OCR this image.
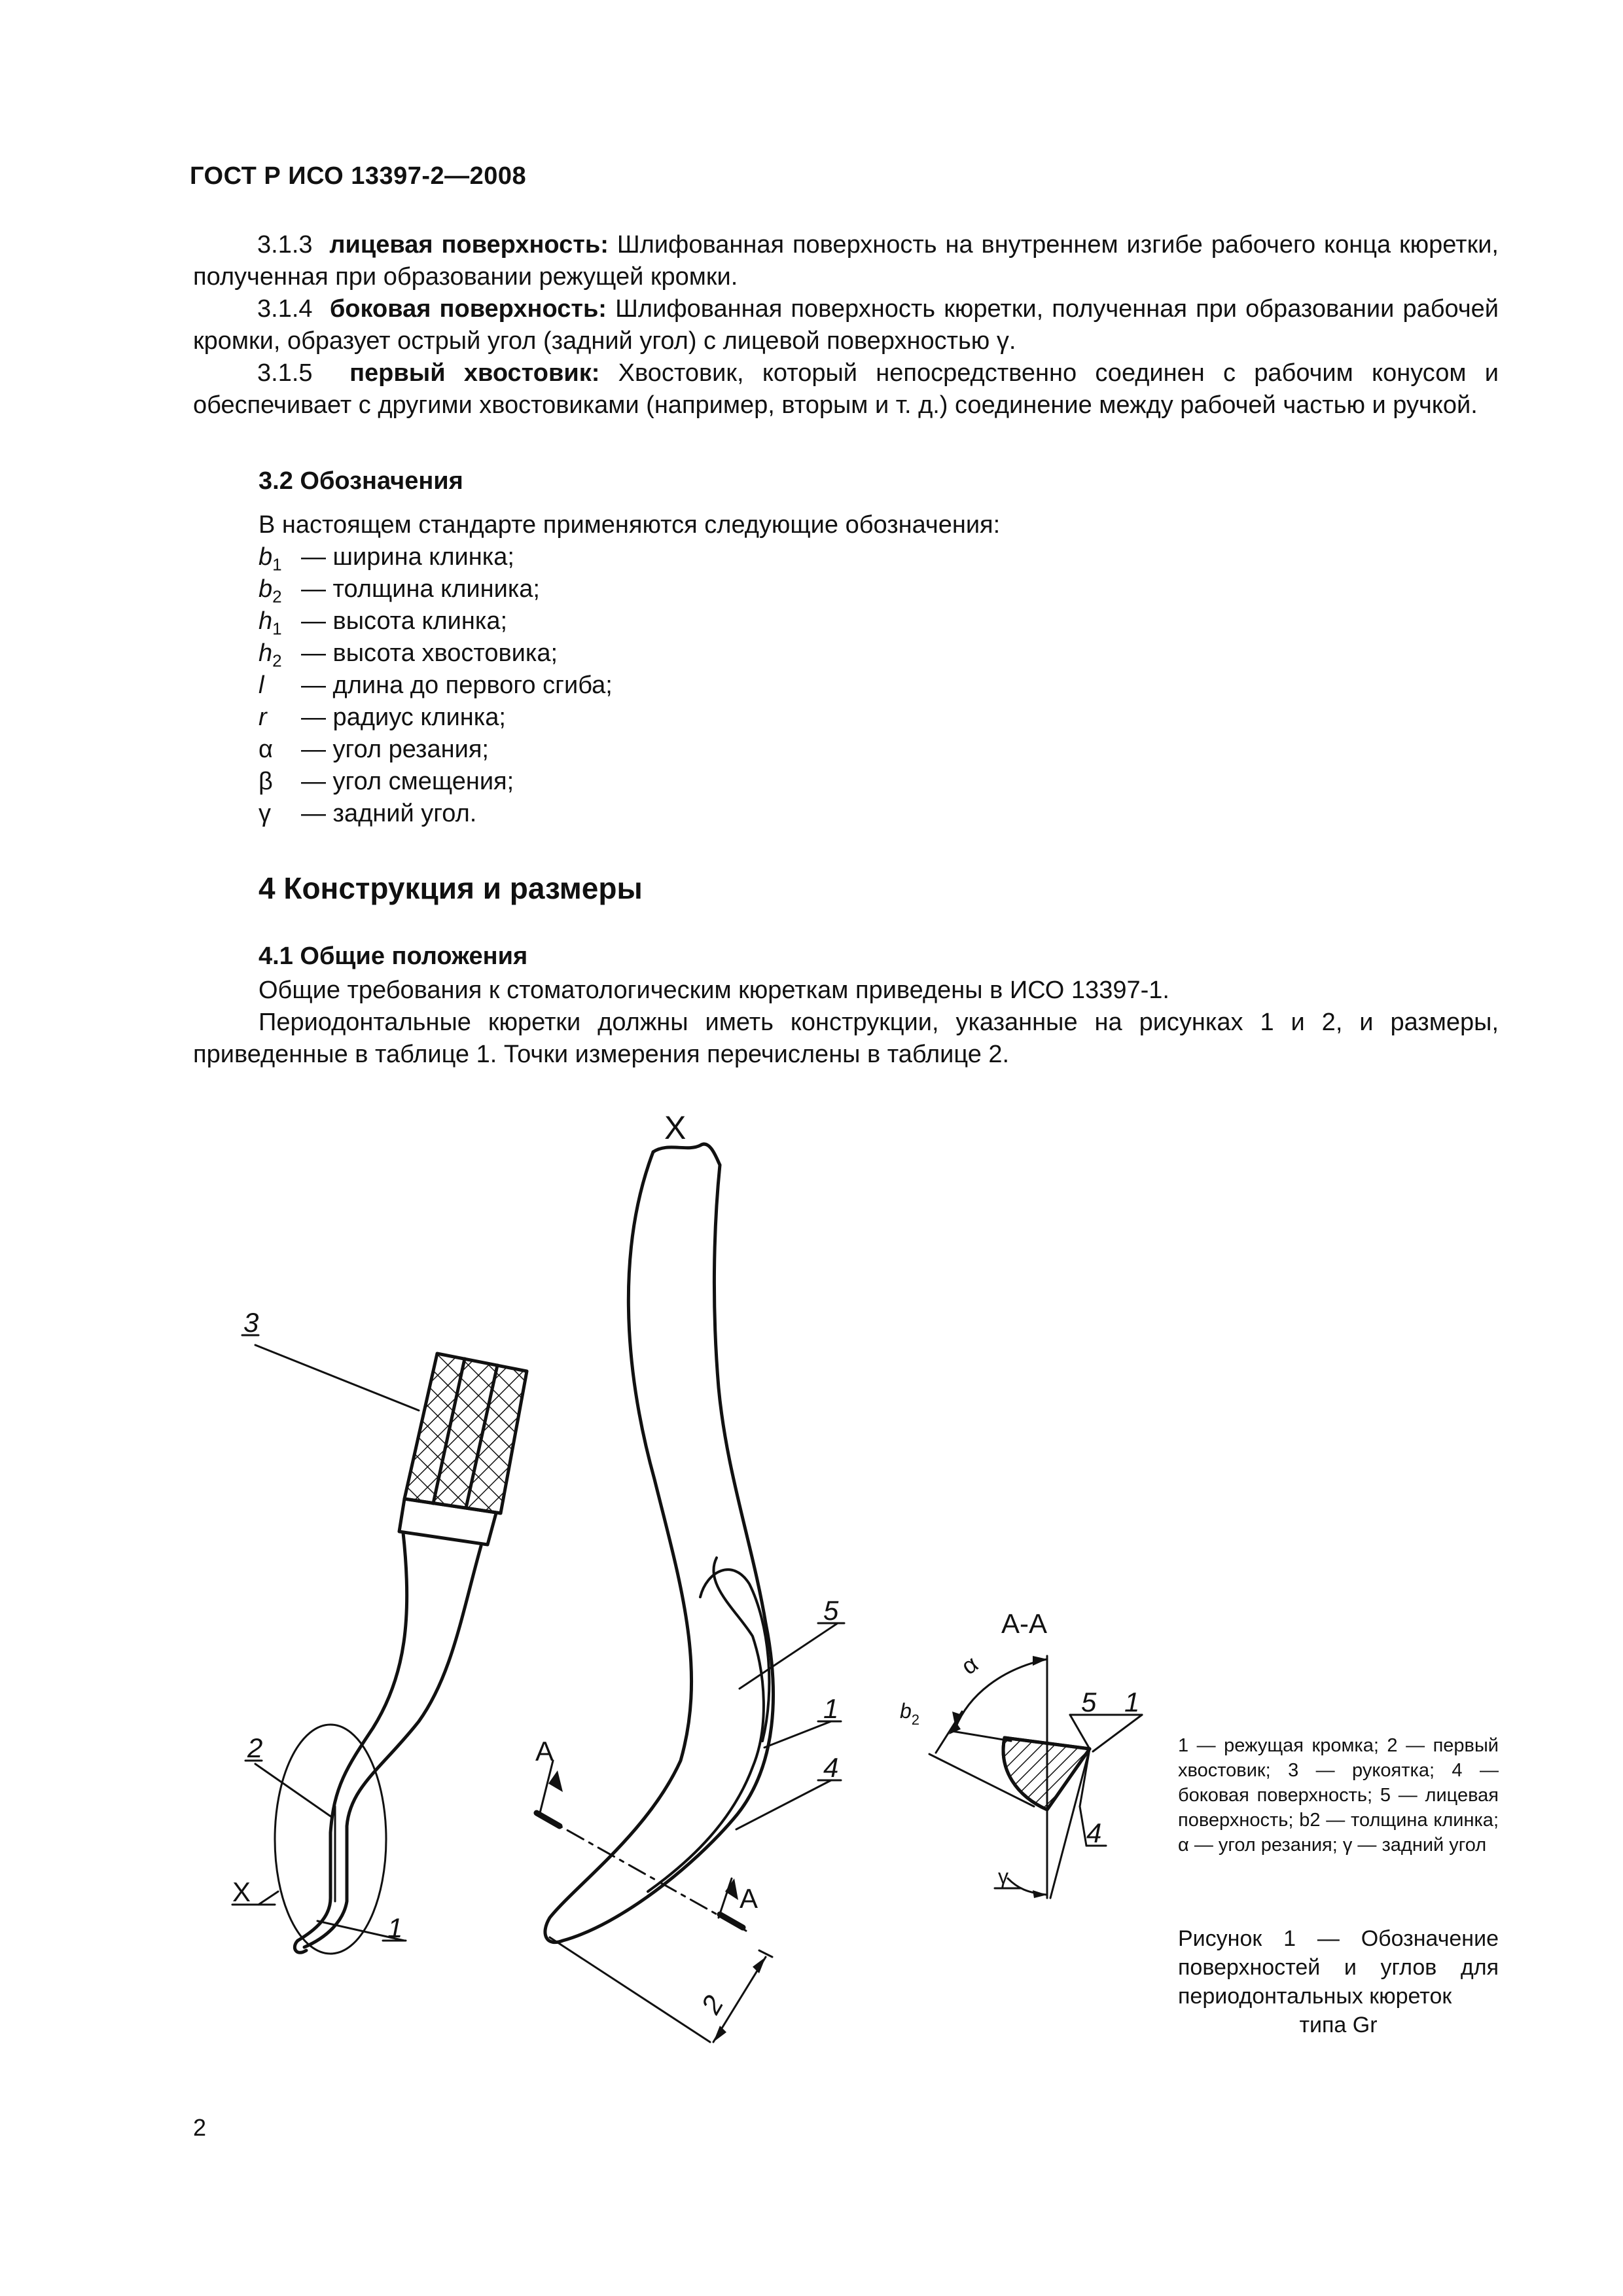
ГОСТ Р ИСО 13397-2—2008
3.1.3 лицевая поверхность: Шлифованная поверхность на внутреннем изгибе рабочего конца кюретки, полученная при образовании режущей кромки.
3.1.4 боковая поверхность: Шлифованная поверхность кюретки, полученная при образовании рабочей кромки, образует острый угол (задний угол) с лицевой поверхностью γ.
3.1.5 первый хвостовик: Хвостовик, который непосредственно соединен с рабочим конусом и обеспечивает с другими хвостовиками (например, вторым и т. д.) соединение между рабочей частью и ручкой.
3.2 Обозначения
В настоящем стандарте применяются следующие обозначения:
$b_1$ — ширина клинка;
$b_2$ — толщина клиника;
$h_1$ — высота клинка;
$h_2$ — высота хвостовика;
l — длина до первого сгиба;
r — радиус клинка;
α — угол резания;
β — угол смещения;
γ — задний угол.
4 Конструкция и размеры
4.1 Общие положения
Общие требования к стоматологическим кюреткам приведены в ИСО 13397-1.
Периодонтальные кюретки должны иметь конструкции, указанные на рисунках 1 и 2, и размеры, приведенные в таблице 1. Точки измерения перечислены в таблице 2.
X
3
2
X
1
5
1
4
A
A
2
A-A
α
$b_2$
5 1
4
γ
1 — режущая кромка; 2 — первый хвостовик; 3 — рукоятка; 4 — боковая поверхность; 5 — лицевая поверхность; b2 — толщина клинка; α — угол резания; γ — задний угол
Рисунок 1 — Обозначение поверхностей и углов для периодонтальных кюреток
типа Gr
2
